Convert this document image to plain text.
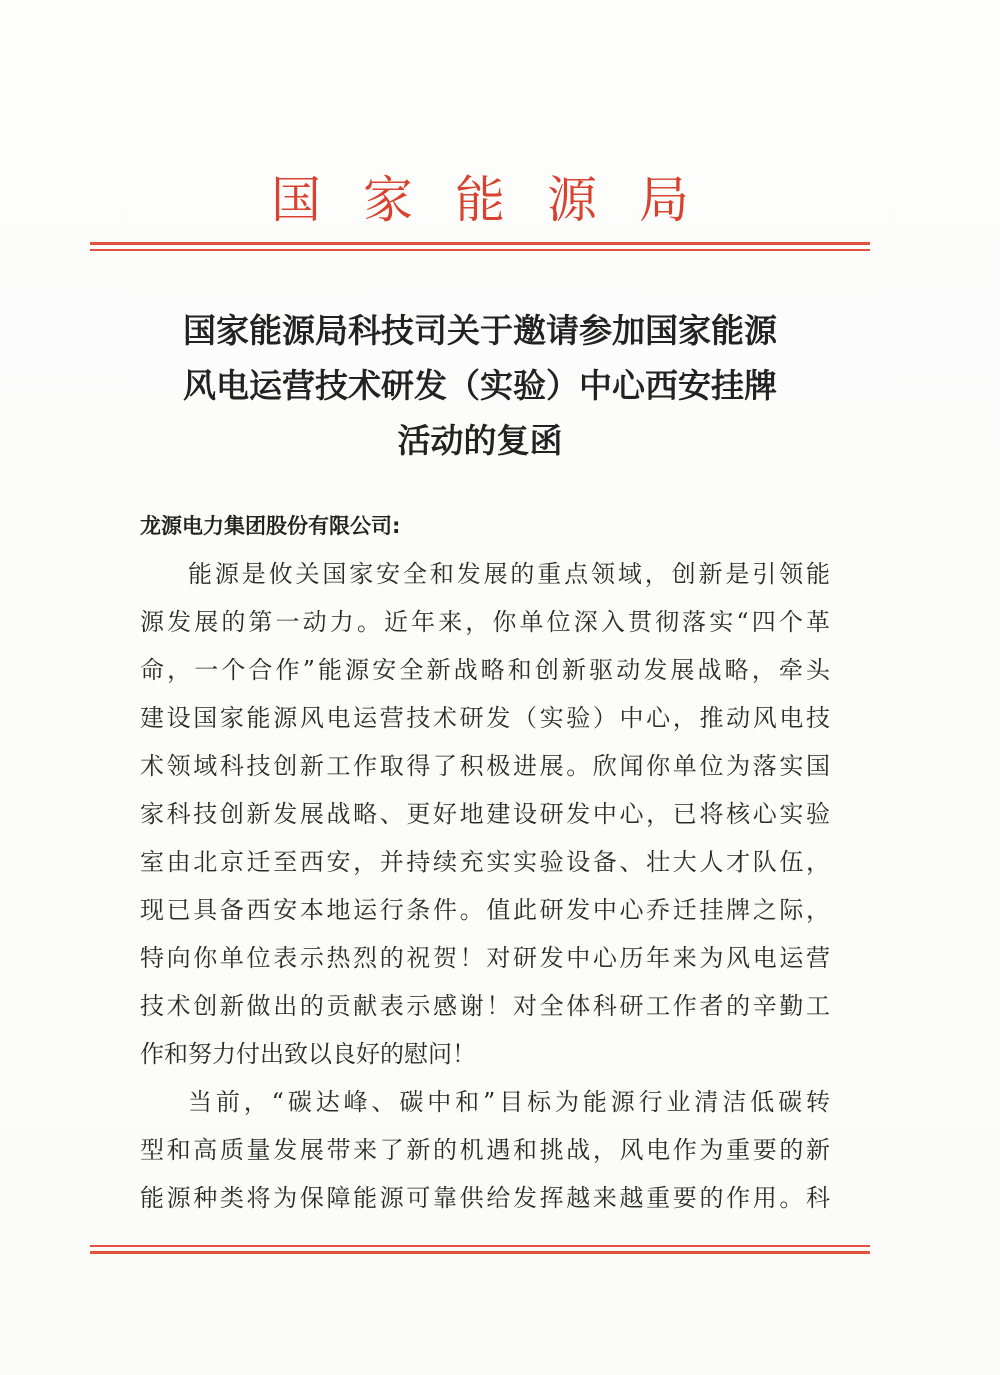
国家能源局
国家能源局科技司关于邀请参加国家能源
风电运营技术研发（实验）中心西安挂牌
活动的复函
龙源电力集团股份有限公司:
能源是攸关国家安全和发展的重点领域，创新是引领能
源发展的第一动力。近年来，你单位深入贯彻落实“四个革
命，一个合作”能源安全新战略和创新驱动发展战略，牵头
建设国家能源风电运营技术研发（实验）中心，推动风电技
术领域科技创新工作取得了积极进展。欣闻你单位为落实国
家科技创新发展战略、更好地建设研发中心，已将核心实验
室由北京迁至西安，并持续充实实验设备、壮大人才队伍，
现已具备西安本地运行条件。值此研发中心乔迁挂牌之际，
特向你单位表示热烈的祝贺！对研发中心历年来为风电运营
技术创新做出的贡献表示感谢！对全体科研工作者的辛勤工
作和努力付出致以良好的慰问！
当前，“碳达峰、碳中和”目标为能源行业清洁低碳转
型和高质量发展带来了新的机遇和挑战，风电作为重要的新
能源种类将为保障能源可靠供给发挥越来越重要的作用。科
